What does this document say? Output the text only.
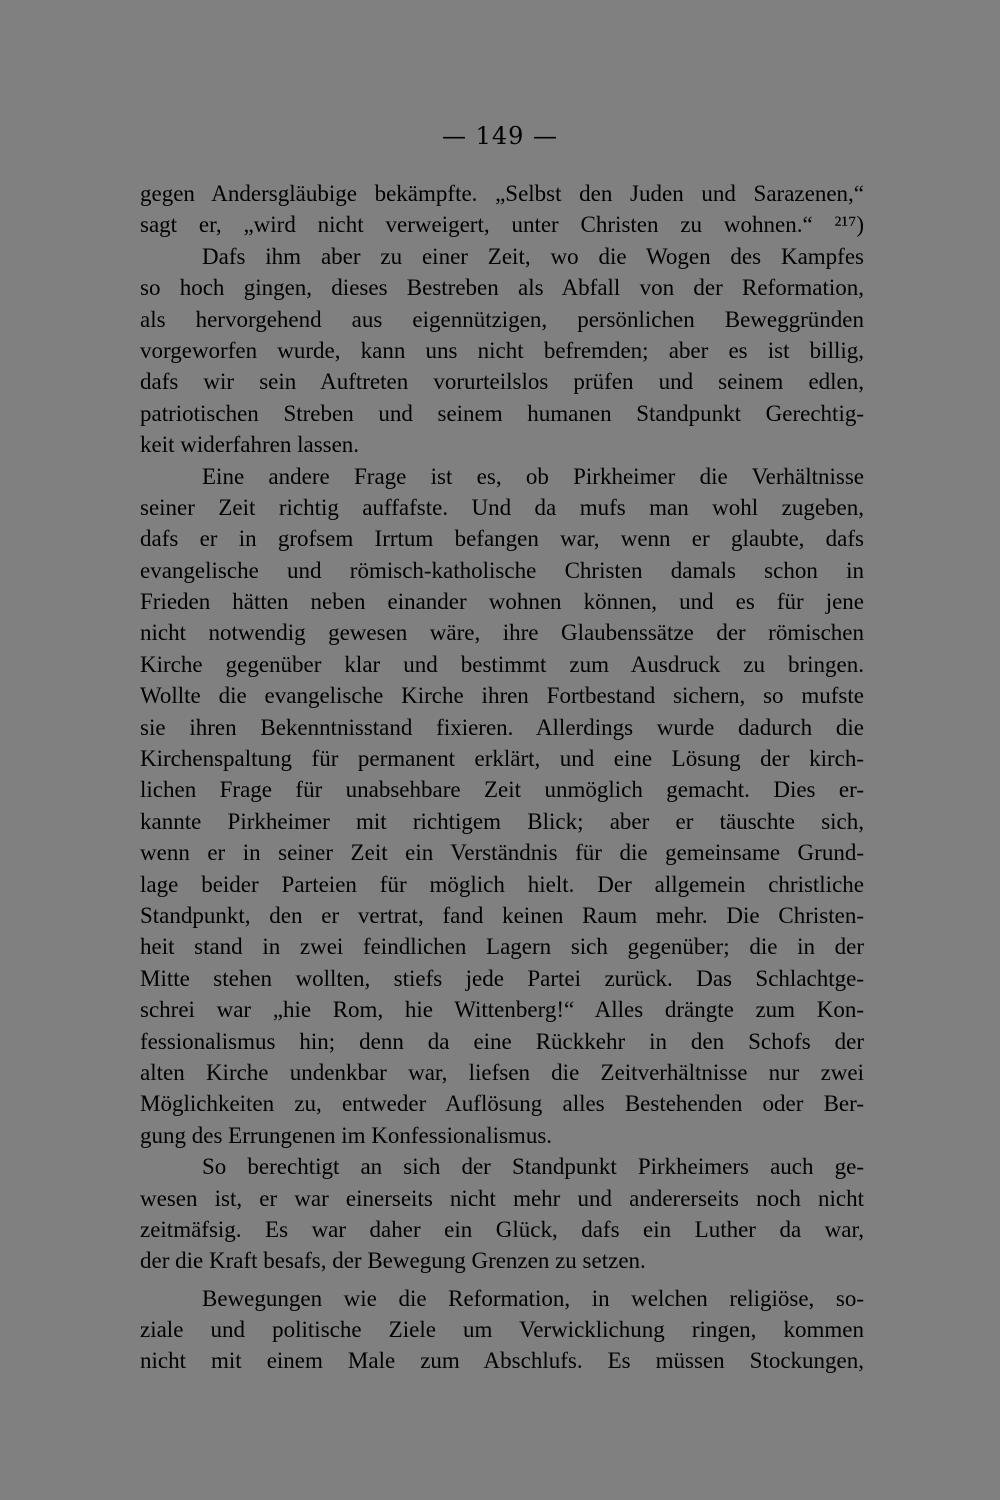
— 149 —
gegen Andersgläubige bekämpfte. „Selbst den Juden und Sarazenen,“
sagt er, „wird nicht verweigert, unter Christen zu wohnen.“ ²¹⁷)
Dafs ihm aber zu einer Zeit, wo die Wogen des Kampfes
so hoch gingen, dieses Bestreben als Abfall von der Reformation,
als hervorgehend aus eigennützigen, persönlichen Beweggründen
vorgeworfen wurde, kann uns nicht befremden; aber es ist billig,
dafs wir sein Auftreten vorurteilslos prüfen und seinem edlen,
patriotischen Streben und seinem humanen Standpunkt Gerechtig-
keit widerfahren lassen.
Eine andere Frage ist es, ob Pirkheimer die Verhältnisse
seiner Zeit richtig auffafste. Und da mufs man wohl zugeben,
dafs er in grofsem Irrtum befangen war, wenn er glaubte, dafs
evangelische und römisch-katholische Christen damals schon in
Frieden hätten neben einander wohnen können, und es für jene
nicht notwendig gewesen wäre, ihre Glaubenssätze der römischen
Kirche gegenüber klar und bestimmt zum Ausdruck zu bringen.
Wollte die evangelische Kirche ihren Fortbestand sichern, so mufste
sie ihren Bekenntnisstand fixieren. Allerdings wurde dadurch die
Kirchenspaltung für permanent erklärt, und eine Lösung der kirch-
lichen Frage für unabsehbare Zeit unmöglich gemacht. Dies er-
kannte Pirkheimer mit richtigem Blick; aber er täuschte sich,
wenn er in seiner Zeit ein Verständnis für die gemeinsame Grund-
lage beider Parteien für möglich hielt. Der allgemein christliche
Standpunkt, den er vertrat, fand keinen Raum mehr. Die Christen-
heit stand in zwei feindlichen Lagern sich gegenüber; die in der
Mitte stehen wollten, stiefs jede Partei zurück. Das Schlachtge-
schrei war „hie Rom, hie Wittenberg!“ Alles drängte zum Kon-
fessionalismus hin; denn da eine Rückkehr in den Schofs der
alten Kirche undenkbar war, liefsen die Zeitverhältnisse nur zwei
Möglichkeiten zu, entweder Auflösung alles Bestehenden oder Ber-
gung des Errungenen im Konfessionalismus.
So berechtigt an sich der Standpunkt Pirkheimers auch ge-
wesen ist, er war einerseits nicht mehr und andererseits noch nicht
zeitmäfsig. Es war daher ein Glück, dafs ein Luther da war,
der die Kraft besafs, der Bewegung Grenzen zu setzen.
Bewegungen wie die Reformation, in welchen religiöse, so-
ziale und politische Ziele um Verwicklichung ringen, kommen
nicht mit einem Male zum Abschlufs. Es müssen Stockungen,
